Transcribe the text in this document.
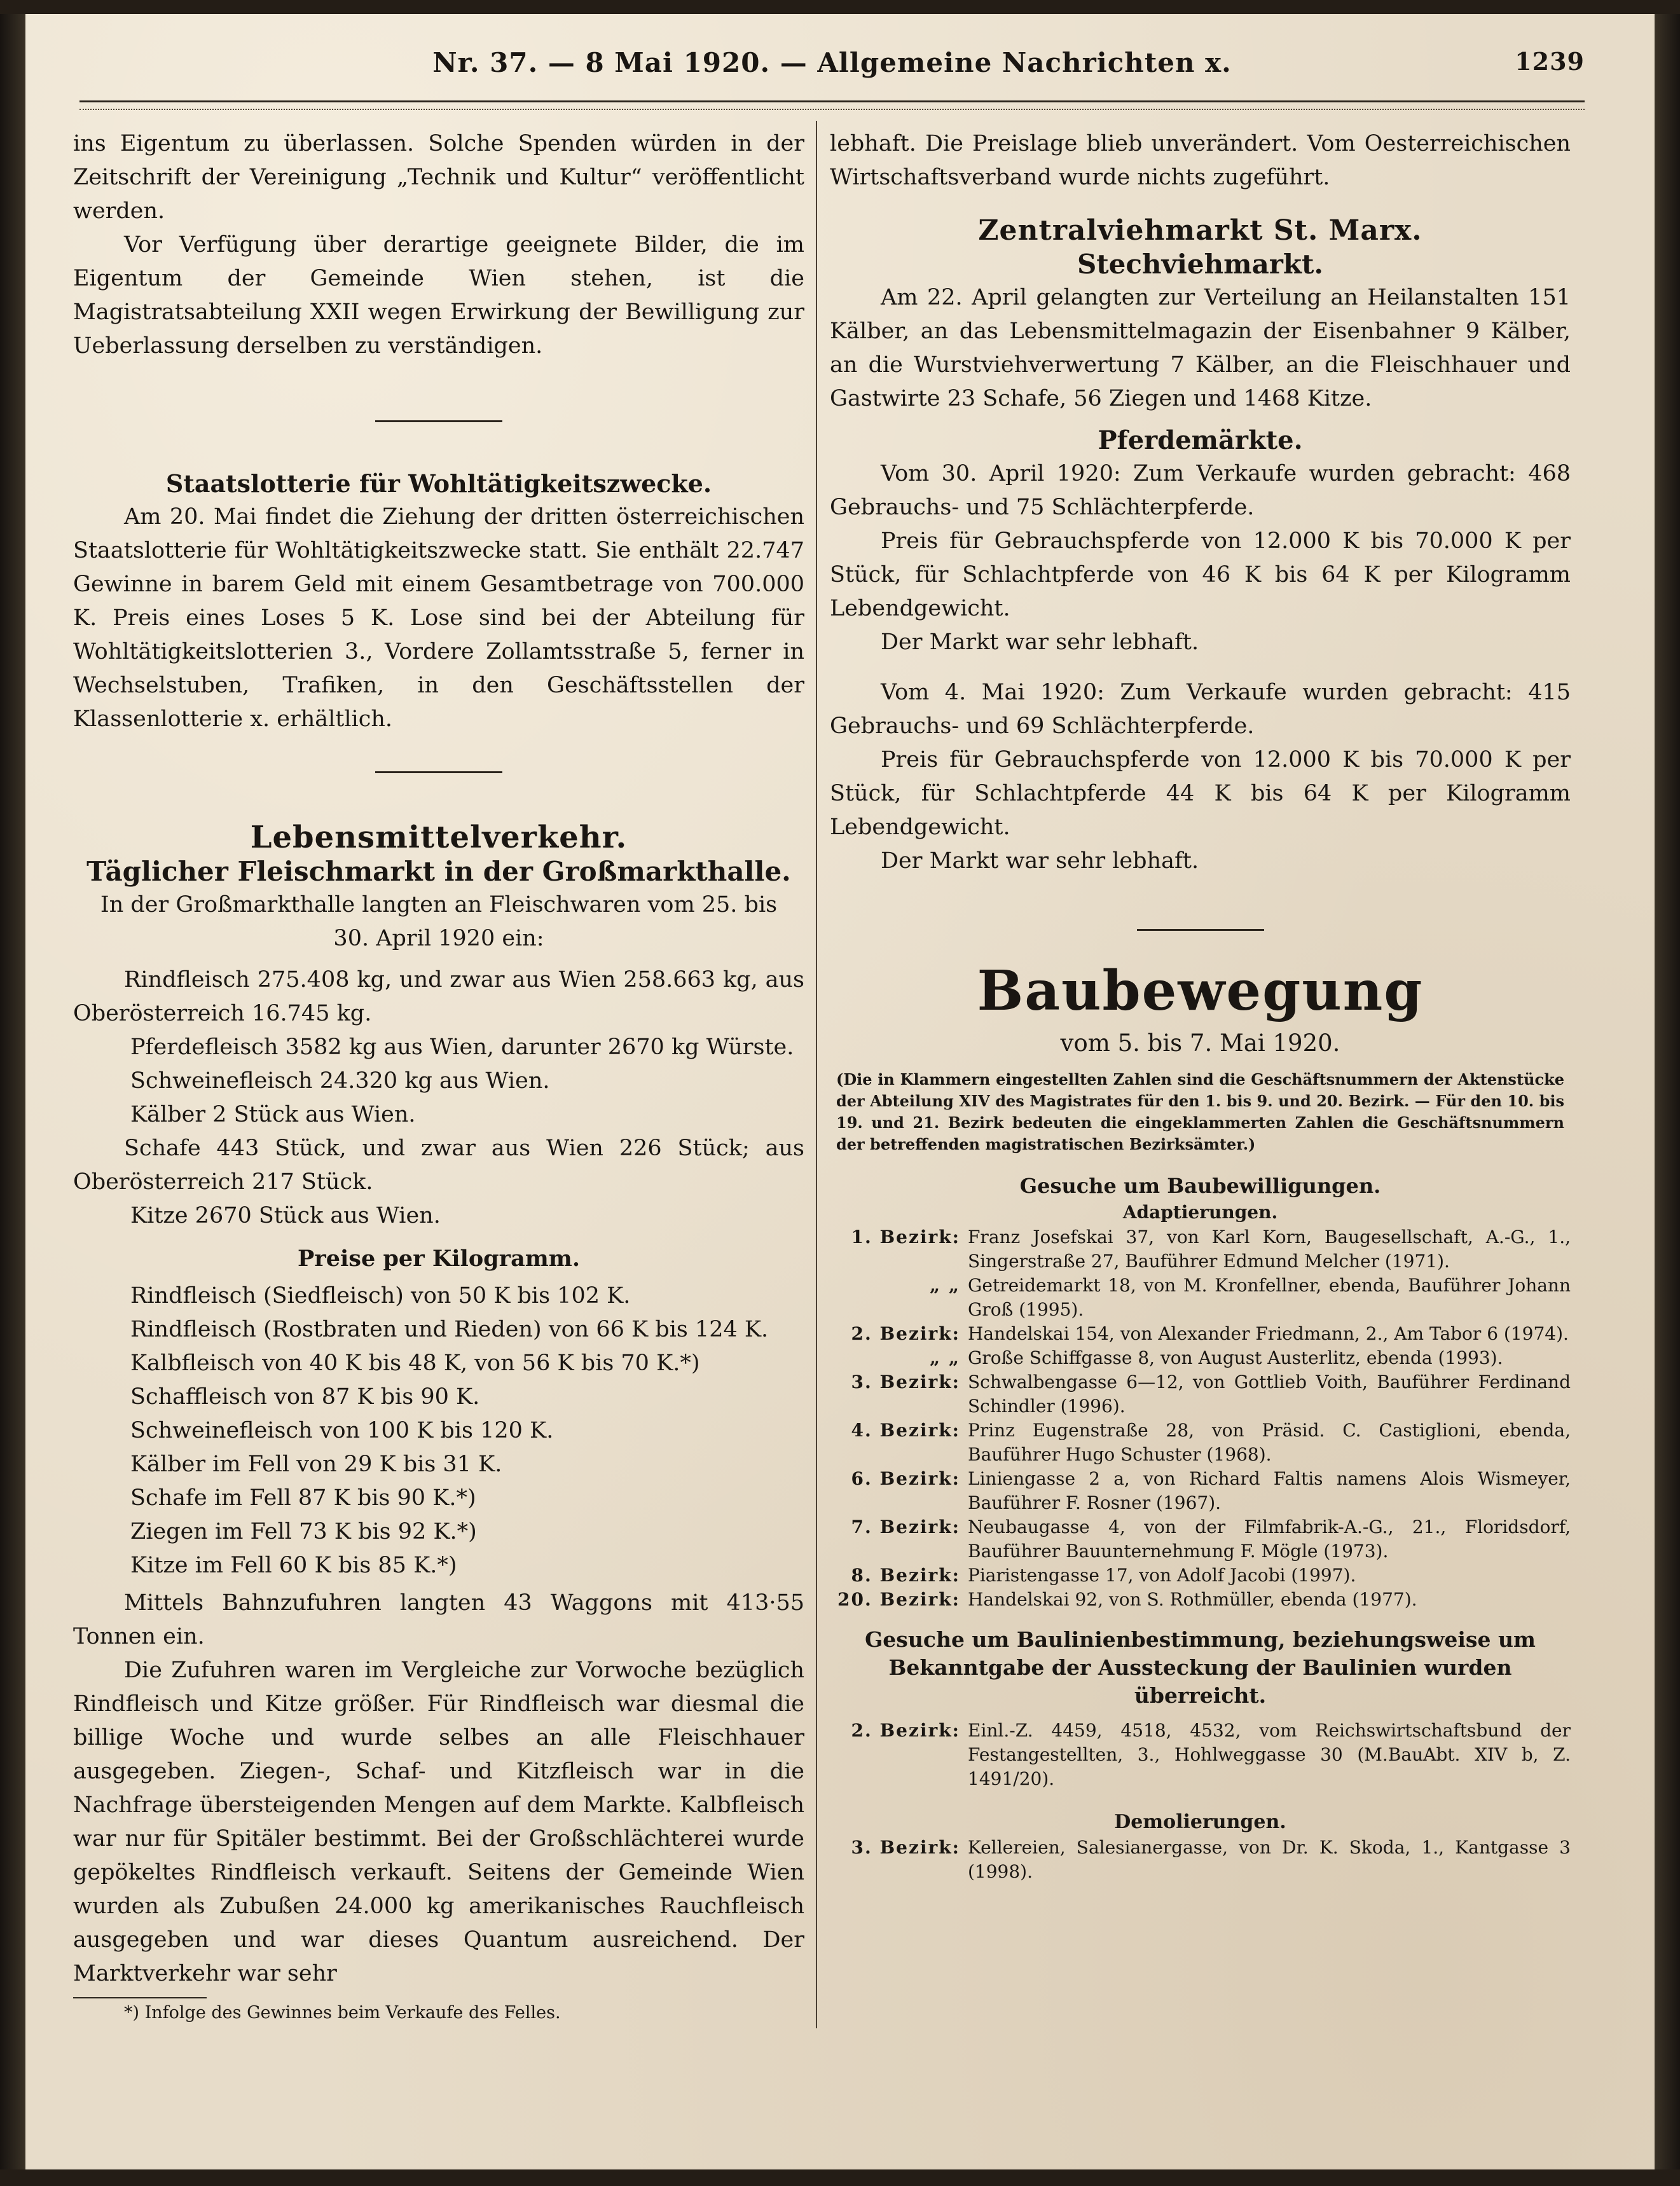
Nr. 37. — 8 Mai 1920. — Allgemeine Nachrichten x.	1239

ins Eigentum zu überlassen. Solche Spenden würden in der Zeitschrift der Vereinigung „Technik und Kultur“ veröffentlicht werden.

Vor Verfügung über derartige geeignete Bilder, die im Eigentum der Gemeinde Wien stehen, ist die Magistratsabteilung XXII wegen Erwirkung der Bewilligung zur Ueberlassung derselben zu verständigen.

Staatslotterie für Wohltätigkeitszwecke.

Am 20. Mai findet die Ziehung der dritten österreichischen Staatslotterie für Wohltätigkeitszwecke statt. Sie enthält 22.747 Gewinne in barem Geld mit einem Gesamtbetrage von 700.000 K. Preis eines Loses 5 K. Lose sind bei der Abteilung für Wohltätigkeitslotterien 3., Vordere Zollamtsstraße 5, ferner in Wechselstuben, Trafiken, in den Geschäftsstellen der Klassenlotterie x. erhältlich.

Lebensmittelverkehr.

Täglicher Fleischmarkt in der Großmarkthalle.

In der Großmarkthalle langten an Fleischwaren vom 25. bis 30. April 1920 ein:

Rindfleisch 275.408 kg, und zwar aus Wien 258.663 kg, aus Oberösterreich 16.745 kg.

Pferdefleisch 3582 kg aus Wien, darunter 2670 kg Würste.

Schweinefleisch 24.320 kg aus Wien.

Kälber 2 Stück aus Wien.

Schafe 443 Stück, und zwar aus Wien 226 Stück; aus Oberösterreich 217 Stück.

Kitze 2670 Stück aus Wien.

Preise per Kilogramm.

Rindfleisch (Siedfleisch) von 50 K bis 102 K.

Rindfleisch (Rostbraten und Rieden) von 66 K bis 124 K.

Kalbfleisch von 40 K bis 48 K, von 56 K bis 70 K.*)

Schaffleisch von 87 K bis 90 K.

Schweinefleisch von 100 K bis 120 K.

Kälber im Fell von 29 K bis 31 K.

Schafe im Fell 87 K bis 90 K.*)

Ziegen im Fell 73 K bis 92 K.*)

Kitze im Fell 60 K bis 85 K.*)

Mittels Bahnzufuhren langten 43 Waggons mit 413·55 Tonnen ein.

Die Zufuhren waren im Vergleiche zur Vorwoche bezüglich Rindfleisch und Kitze größer. Für Rindfleisch war diesmal die billige Woche und wurde selbes an alle Fleischhauer ausgegeben. Ziegen-, Schaf- und Kitzfleisch war in die Nachfrage übersteigenden Mengen auf dem Markte. Kalbfleisch war nur für Spitäler bestimmt. Bei der Großschlächterei wurde gepökeltes Rindfleisch verkauft. Seitens der Gemeinde Wien wurden als Zubußen 24.000 kg amerikanisches Rauchfleisch ausgegeben und war dieses Quantum ausreichend. Der Marktverkehr war sehr

*) Infolge des Gewinnes beim Verkaufe des Felles.

lebhaft. Die Preislage blieb unverändert. Vom Oesterreichischen Wirtschaftsverband wurde nichts zugeführt.

Zentralviehmarkt St. Marx.

Stechviehmarkt.

Am 22. April gelangten zur Verteilung an Heilanstalten 151 Kälber, an das Lebensmittelmagazin der Eisenbahner 9 Kälber, an die Wurstviehverwertung 7 Kälber, an die Fleischhauer und Gastwirte 23 Schafe, 56 Ziegen und 1468 Kitze.

Pferdemärkte.

Vom 30. April 1920: Zum Verkaufe wurden gebracht: 468 Gebrauchs- und 75 Schlächterpferde.

Preis für Gebrauchspferde von 12.000 K bis 70.000 K per Stück, für Schlachtpferde von 46 K bis 64 K per Kilogramm Lebendgewicht.

Der Markt war sehr lebhaft.

Vom 4. Mai 1920: Zum Verkaufe wurden gebracht: 415 Gebrauchs- und 69 Schlächterpferde.

Preis für Gebrauchspferde von 12.000 K bis 70.000 K per Stück, für Schlachtpferde 44 K bis 64 K per Kilogramm Lebendgewicht.

Der Markt war sehr lebhaft.

Baubewegung

vom 5. bis 7. Mai 1920.

(Die in Klammern eingestellten Zahlen sind die Geschäftsnummern der Aktenstücke der Abteilung XIV des Magistrates für den 1. bis 9. und 20. Bezirk. — Für den 10. bis 19. und 21. Bezirk bedeuten die eingeklammerten Zahlen die Geschäftsnummern der betreffenden magistratischen Bezirksämter.)

Gesuche um Baubewilligungen.

Adaptierungen.

1. Bezirk: Franz Josefskai 37, von Karl Korn, Baugesellschaft, A.-G., 1., Singerstraße 27, Bauführer Edmund Melcher (1971).
„ „ Getreidemarkt 18, von M. Kronfellner, ebenda, Bauführer Johann Groß (1995).
2. Bezirk: Handelskai 154, von Alexander Friedmann, 2., Am Tabor 6 (1974).
„ „ Große Schiffgasse 8, von August Austerlitz, ebenda (1993).
3. Bezirk: Schwalbengasse 6—12, von Gottlieb Voith, Bauführer Ferdinand Schindler (1996).
4. Bezirk: Prinz Eugenstraße 28, von Präsid. C. Castiglioni, ebenda, Bauführer Hugo Schuster (1968).
6. Bezirk: Liniengasse 2 a, von Richard Faltis namens Alois Wismeyer, Bauführer F. Rosner (1967).
7. Bezirk: Neubaugasse 4, von der Filmfabrik-A.-G., 21., Floridsdorf, Bauführer Bauunternehmung F. Mögle (1973).
8. Bezirk: Piaristengasse 17, von Adolf Jacobi (1997).
20. Bezirk: Handelskai 92, von S. Rothmüller, ebenda (1977).

Gesuche um Baulinienbestimmung, beziehungsweise um Bekanntgabe der Aussteckung der Baulinien wurden überreicht.

2. Bezirk: Einl.-Z. 4459, 4518, 4532, vom Reichswirtschaftsbund der Festangestellten, 3., Hohlweggasse 30 (M.BauAbt. XIV b, Z. 1491/20).

Demolierungen.

3. Bezirk: Kellereien, Salesianergasse, von Dr. K. Skoda, 1., Kantgasse 3 (1998).
